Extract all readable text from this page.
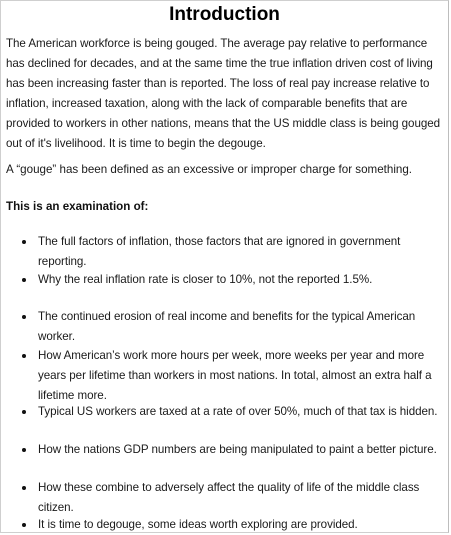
Introduction

The American workforce is being gouged. The average pay relative to performance has declined for decades, and at the same time the true inflation driven cost of living has been increasing faster than is reported. The loss of real pay increase relative to inflation, increased taxation, along with the lack of comparable benefits that are provided to workers in other nations, means that the US middle class is being gouged out of it's livelihood. It is time to begin the degouge.

A “gouge” has been defined as an excessive or improper charge for something.

This is an examination of:

The full factors of inflation, those factors that are ignored in government reporting.
Why the real inflation rate is closer to 10%, not the reported 1.5%.
The continued erosion of real income and benefits for the typical American worker.
How American’s work more hours per week, more weeks per year and more years per lifetime than workers in most nations. In total, almost an extra half a lifetime more.
Typical US workers are taxed at a rate of over 50%, much of that tax is hidden.
How the nations GDP numbers are being manipulated to paint a better picture.
How these combine to adversely affect the quality of life of the middle class citizen.
It is time to degouge, some ideas worth exploring are provided.
